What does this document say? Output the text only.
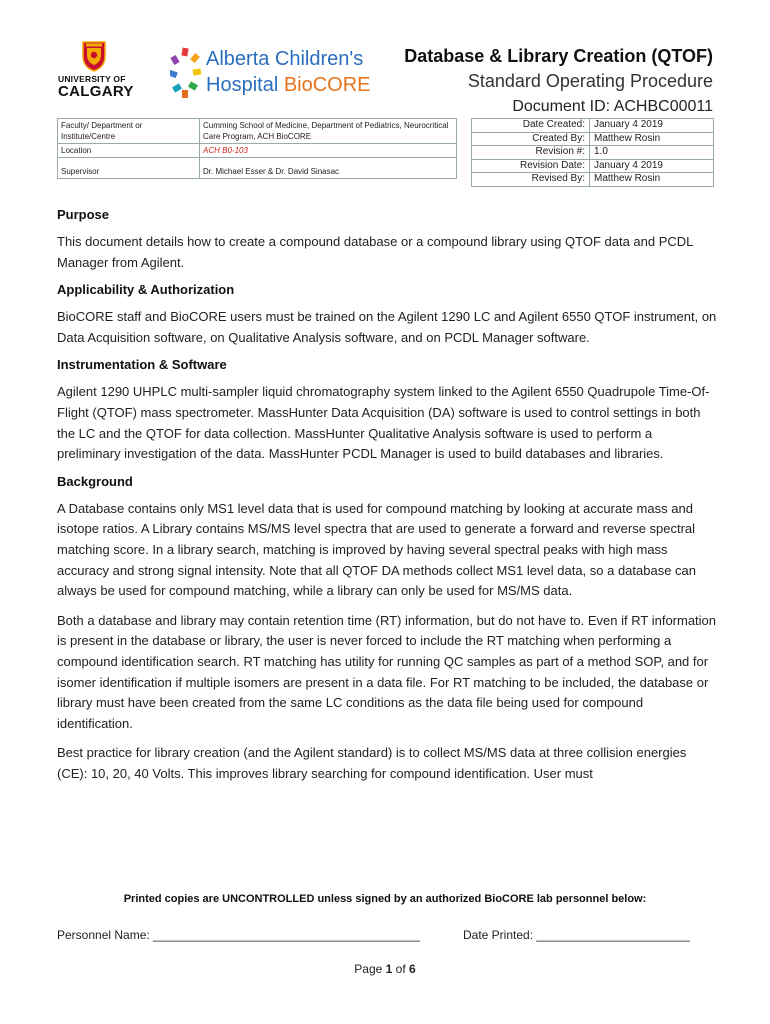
UNIVERSITY OF
CALGARY
Alberta Children's
Hospital BioCORE
Database & Library Creation (QTOF)
Standard Operating Procedure
Document ID: ACHBC00011
Faculty/ Department or Institute/Centre	Cumming School of Medicine, Department of Pediatrics, Neurocritical Care Program, ACH BioCORE
Location	ACH B0-103
Supervisor	Dr. Michael Esser & Dr. David Sinasac
Date Created:	January 4 2019
Created By:	Matthew Rosin
Revision #:	1.0
Revision Date:	January 4 2019
Revised By:	Matthew Rosin
Purpose
This document details how to create a compound database or a compound library using QTOF data and PCDL Manager from Agilent.
Applicability & Authorization
BioCORE staff and BioCORE users must be trained on the Agilent 1290 LC and Agilent 6550 QTOF instrument, on Data Acquisition software, on Qualitative Analysis software, and on PCDL Manager software.
Instrumentation & Software
Agilent 1290 UHPLC multi-sampler liquid chromatography system linked to the Agilent 6550 Quadrupole Time-Of-Flight (QTOF) mass spectrometer. MassHunter Data Acquisition (DA) software is used to control settings in both the LC and the QTOF for data collection. MassHunter Qualitative Analysis software is used to perform a preliminary investigation of the data. MassHunter PCDL Manager is used to build databases and libraries.
Background
A Database contains only MS1 level data that is used for compound matching by looking at accurate mass and isotope ratios. A Library contains MS/MS level spectra that are used to generate a forward and reverse spectral matching score. In a library search, matching is improved by having several spectral peaks with high mass accuracy and strong signal intensity. Note that all QTOF DA methods collect MS1 level data, so a database can always be used for compound matching, while a library can only be used for MS/MS data.
Both a database and library may contain retention time (RT) information, but do not have to. Even if RT information is present in the database or library, the user is never forced to include the RT matching when performing a compound identification search. RT matching has utility for running QC samples as part of a method SOP, and for isomer identification if multiple isomers are present in a data file. For RT matching to be included, the database or library must have been created from the same LC conditions as the data file being used for compound identification.
Best practice for library creation (and the Agilent standard) is to collect MS/MS data at three collision energies (CE): 10, 20, 40 Volts. This improves library searching for compound identification. User must
Printed copies are UNCONTROLLED unless signed by an authorized BioCORE lab personnel below:
Personnel Name: ________________________________________	Date Printed: _______________________
Page 1 of 6
